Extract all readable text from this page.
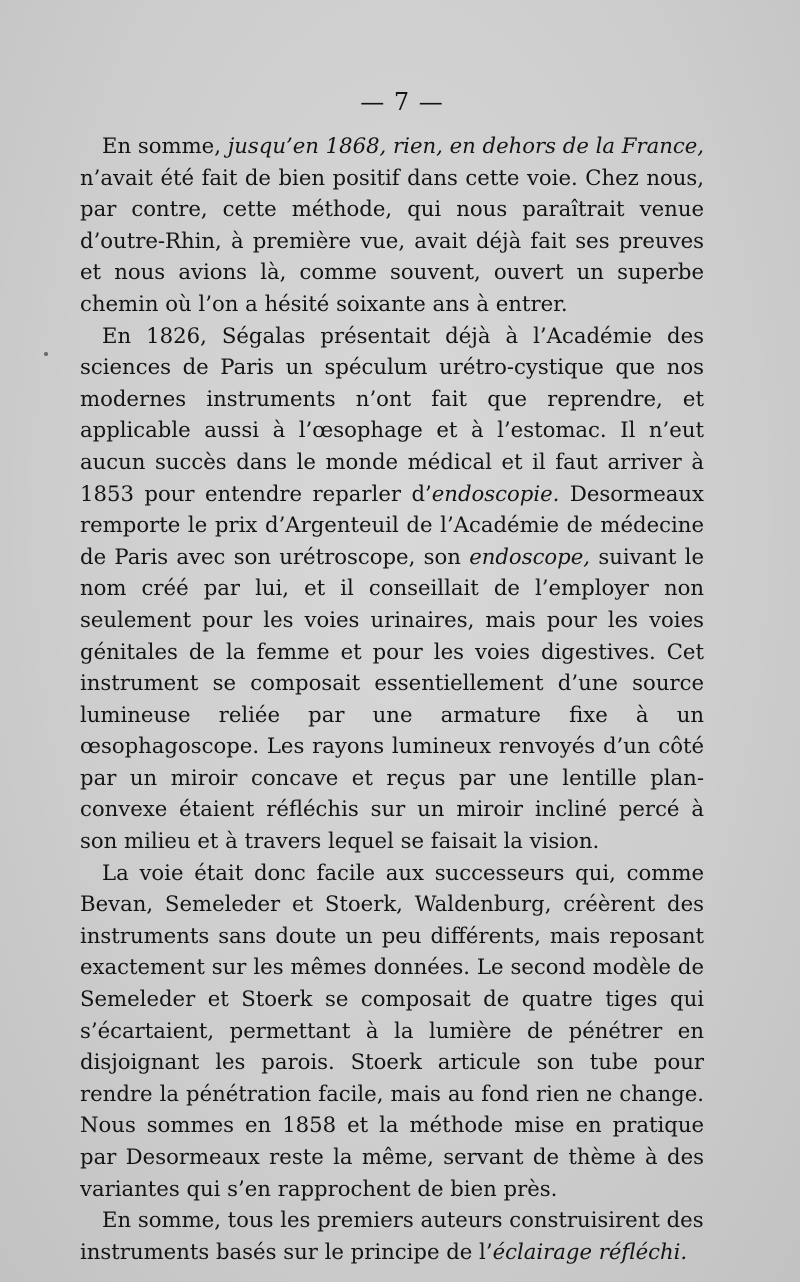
— 7 —

En somme, jusqu’en 1868, rien, en dehors de la France, n’avait été fait de bien positif dans cette voie. Chez nous, par contre, cette méthode, qui nous paraîtrait venue d’outre-Rhin, à première vue, avait déjà fait ses preuves et nous avions là, comme souvent, ouvert un superbe chemin où l’on a hésité soixante ans à entrer.

En 1826, Ségalas présentait déjà à l’Académie des sciences de Paris un spéculum urétro-cystique que nos modernes instruments n’ont fait que reprendre, et applicable aussi à l’œsophage et à l’estomac. Il n’eut aucun succès dans le monde médical et il faut arriver à 1853 pour entendre reparler d’endoscopie. Desormeaux remporte le prix d’Argenteuil de l’Académie de médecine de Paris avec son urétroscope, son endoscope, suivant le nom créé par lui, et il conseillait de l’employer non seulement pour les voies urinaires, mais pour les voies génitales de la femme et pour les voies digestives. Cet instrument se composait essentiellement d’une source lumineuse reliée par une armature fixe à un œsophagoscope. Les rayons lumineux renvoyés d’un côté par un miroir concave et reçus par une lentille plan-convexe étaient réfléchis sur un miroir incliné percé à son milieu et à travers lequel se faisait la vision.

La voie était donc facile aux successeurs qui, comme Bevan, Semeleder et Stoerk, Waldenburg, créèrent des instruments sans doute un peu différents, mais reposant exactement sur les mêmes données. Le second modèle de Semeleder et Stoerk se composait de quatre tiges qui s’écartaient, permettant à la lumière de pénétrer en disjoignant les parois. Stoerk articule son tube pour rendre la pénétration facile, mais au fond rien ne change. Nous sommes en 1858 et la méthode mise en pratique par Desormeaux reste la même, servant de thème à des variantes qui s’en rapprochent de bien près.

En somme, tous les premiers auteurs construisirent des instruments basés sur le principe de l’éclairage réfléchi.
